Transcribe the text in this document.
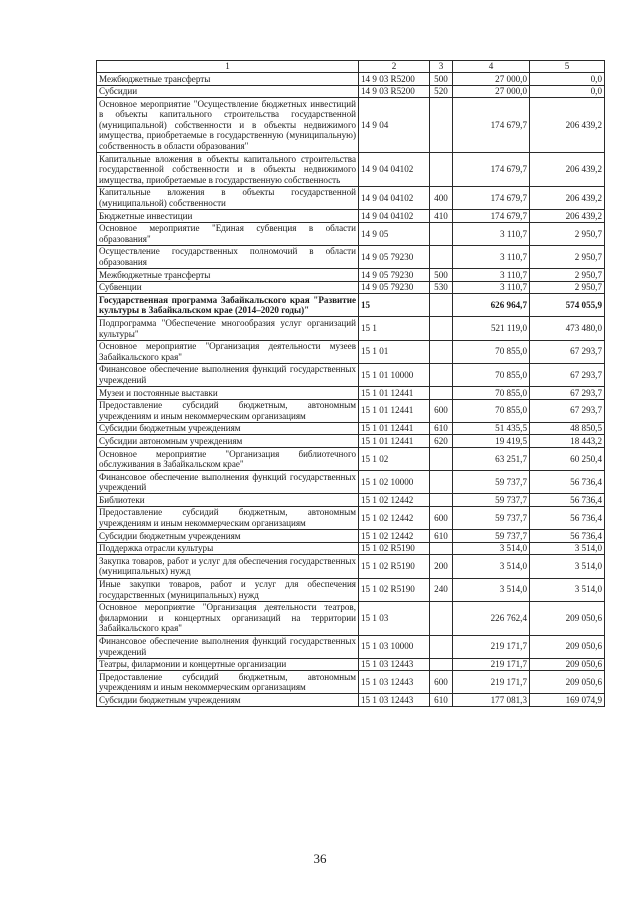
1	2	3	4	5
Межбюджетные трансферты	14 9 03 R5200	500	27 000,0	0,0
Субсидии	14 9 03 R5200	520	27 000,0	0,0
Основное мероприятие "Осуществление бюджетных инвестиций в объекты капитального строительства государственной (муниципальной) собственности и в объекты недвижимого имущества, приобретаемые в государственную (муниципальную) собственность в области образования"	14 9 04		174 679,7	206 439,2
Капитальные вложения в объекты капитального строительства государственной собственности и в объекты недвижимого имущества, приобретаемые в государственную собственность	14 9 04 04102		174 679,7	206 439,2
Капитальные вложения в объекты государственной (муниципальной) собственности	14 9 04 04102	400	174 679,7	206 439,2
Бюджетные инвестиции	14 9 04 04102	410	174 679,7	206 439,2
Основное мероприятие "Единая субвенция в области образования"	14 9 05		3 110,7	2 950,7
Осуществление государственных полномочий в области образования	14 9 05 79230		3 110,7	2 950,7
Межбюджетные трансферты	14 9 05 79230	500	3 110,7	2 950,7
Субвенции	14 9 05 79230	530	3 110,7	2 950,7
Государственная программа Забайкальского края "Развитие культуры в Забайкальском крае (2014–2020 годы)"	15		626 964,7	574 055,9
Подпрограмма "Обеспечение многообразия услуг организаций культуры"	15 1		521 119,0	473 480,0
Основное мероприятие "Организация деятельности музеев Забайкальского края"	15 1 01		70 855,0	67 293,7
Финансовое обеспечение выполнения функций государственных учреждений	15 1 01 10000		70 855,0	67 293,7
Музеи и постоянные выставки	15 1 01 12441		70 855,0	67 293,7
Предоставление субсидий бюджетным, автономным учреждениям и иным некоммерческим организациям	15 1 01 12441	600	70 855,0	67 293,7
Субсидии бюджетным учреждениям	15 1 01 12441	610	51 435,5	48 850,5
Субсидии автономным учреждениям	15 1 01 12441	620	19 419,5	18 443,2
Основное мероприятие "Организация библиотечного обслуживания в Забайкальском крае"	15 1 02		63 251,7	60 250,4
Финансовое обеспечение выполнения функций государственных учреждений	15 1 02 10000		59 737,7	56 736,4
Библиотеки	15 1 02 12442		59 737,7	56 736,4
Предоставление субсидий бюджетным, автономным учреждениям и иным некоммерческим организациям	15 1 02 12442	600	59 737,7	56 736,4
Субсидии бюджетным учреждениям	15 1 02 12442	610	59 737,7	56 736,4
Поддержка отрасли культуры	15 1 02 R5190		3 514,0	3 514,0
Закупка товаров, работ и услуг для обеспечения государственных (муниципальных) нужд	15 1 02 R5190	200	3 514,0	3 514,0
Иные закупки товаров, работ и услуг для обеспечения государственных (муниципальных) нужд	15 1 02 R5190	240	3 514,0	3 514,0
Основное мероприятие "Организация деятельности театров, филармонии и концертных организаций на территории Забайкальского края"	15 1 03		226 762,4	209 050,6
Финансовое обеспечение выполнения функций государственных учреждений	15 1 03 10000		219 171,7	209 050,6
Театры, филармонии и концертные организации	15 1 03 12443		219 171,7	209 050,6
Предоставление субсидий бюджетным, автономным учреждениям и иным некоммерческим организациям	15 1 03 12443	600	219 171,7	209 050,6
Субсидии бюджетным учреждениям	15 1 03 12443	610	177 081,3	169 074,9
36
